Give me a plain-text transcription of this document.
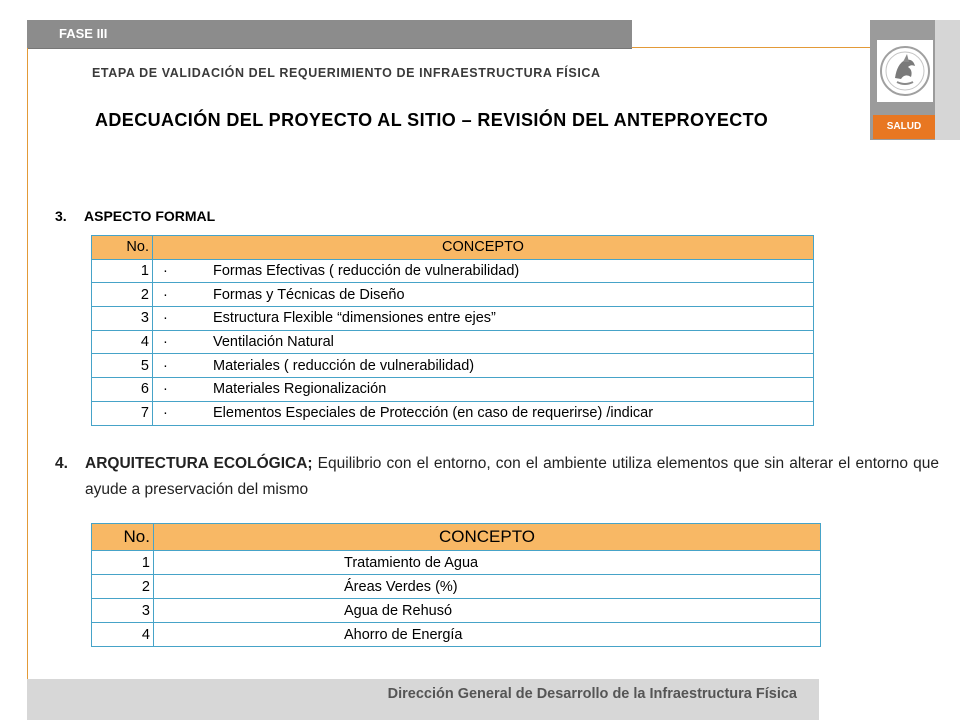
FASE III
SALUD
ETAPA DE VALIDACIÓN DEL REQUERIMIENTO DE INFRAESTRUCTURA FÍSICA
ADECUACIÓN DEL PROYECTO AL SITIO – REVISIÓN DEL ANTEPROYECTO
3. ASPECTO FORMAL
No.	CONCEPTO
1	· Formas Efectivas ( reducción de vulnerabilidad)
2	· Formas y Técnicas de Diseño
3	· Estructura Flexible “dimensiones entre ejes”
4	· Ventilación Natural
5	· Materiales ( reducción de vulnerabilidad)
6	· Materiales Regionalización
7	· Elementos Especiales de Protección (en caso de requerirse) /indicar
4.	ARQUITECTURA ECOLÓGICA; Equilibrio con el entorno, con el ambiente utiliza elementos que sin alterar el entorno que ayude a preservación del mismo
No.	CONCEPTO
1	Tratamiento de Agua
2	Áreas Verdes (%)
3	Agua de Rehusó
4	Ahorro de Energía
Dirección General de Desarrollo de la Infraestructura Física
